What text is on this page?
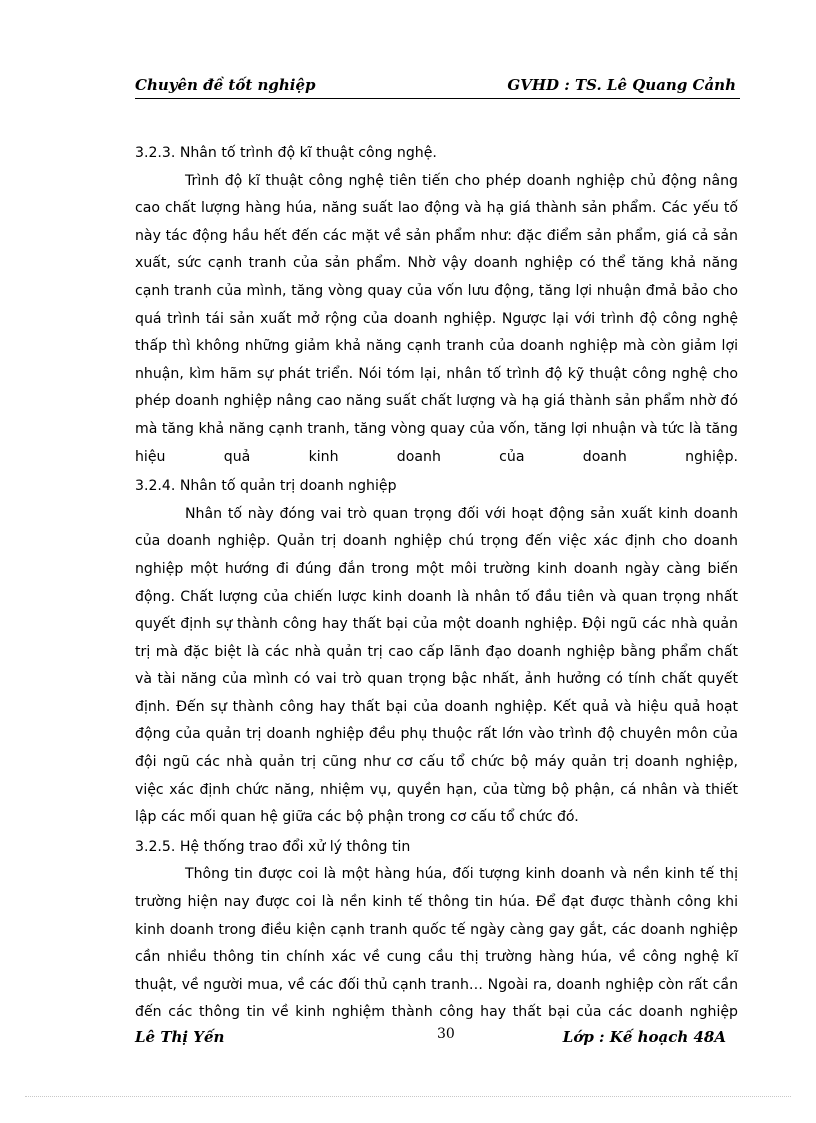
Chuyên đề tốt nghiệp	GVHD : TS. Lê Quang Cảnh
3.2.3. Nhân tố trình độ kĩ thuật công nghệ.

Trình độ kĩ thuật công nghệ tiên tiến cho phép doanh nghiệp chủ động nâng cao chất lượng hàng húa, năng suất lao động và hạ giá thành sản phẩm. Các yếu tố này tác động hầu hết đến các mặt về sản phẩm như: đặc điểm sản phẩm, giá cả sản xuất, sức cạnh tranh của sản phẩm. Nhờ vậy doanh nghiệp có thể tăng khả năng cạnh tranh của mình, tăng vòng quay của vốn lưu động, tăng lợi nhuận đmả bảo cho quá trình tái sản xuất mở rộng của doanh nghiệp. Ngược lại với trình độ công nghệ thấp thì không những giảm khả năng cạnh tranh của doanh nghiệp mà còn giảm lợi nhuận, kìm hãm sự phát triển. Nói tóm lại, nhân tố trình độ kỹ thuật công nghệ cho phép doanh nghiệp nâng cao năng suất chất lượng và hạ giá thành sản phẩm nhờ đó mà tăng khả năng cạnh tranh, tăng vòng quay của vốn, tăng lợi nhuận và tức là tăng hiệu quả kinh doanh của doanh nghiệp.

3.2.4. Nhân tố quản trị doanh nghiệp

Nhân tố này đóng vai trò quan trọng đối với hoạt động sản xuất kinh doanh của doanh nghiệp. Quản trị doanh nghiệp chú trọng đến việc xác định cho doanh nghiệp một hướng đi đúng đắn trong một môi trường kinh doanh ngày càng biến động. Chất lượng của chiến lược kinh doanh là nhân tố đầu tiên và quan trọng nhất quyết định sự thành công hay thất bại của một doanh nghiệp. Đội ngũ các nhà quản trị mà đặc biệt là các nhà quản trị cao cấp lãnh đạo doanh nghiệp bằng phẩm chất và tài năng của mình có vai trò quan trọng bậc nhất, ảnh hưởng có tính chất quyết định. Đến sự thành công hay thất bại của doanh nghiệp. Kết quả và hiệu quả hoạt động của quản trị doanh nghiệp đều phụ thuộc rất lớn vào trình độ chuyên môn của đội ngũ các nhà quản trị cũng như cơ cấu tổ chức bộ máy quản trị doanh nghiệp, việc xác định chức năng, nhiệm vụ, quyền hạn, của từng bộ phận, cá nhân và thiết lập các mối quan hệ giữa các bộ phận trong cơ cấu tổ chức đó.

3.2.5. Hệ thống trao đổi xử lý thông tin

Thông tin được coi là một hàng húa, đối tượng kinh doanh và nền kinh tế thị trường hiện nay được coi là nền kinh tế thông tin húa. Để đạt được thành công khi kinh doanh trong điều kiện cạnh tranh quốc tế ngày càng gay gắt, các doanh nghiệp cần nhiều thông tin chính xác về cung cầu thị trường hàng húa, về công nghệ kĩ thuật, về người mua, về các đối thủ cạnh tranh… Ngoài ra, doanh nghiệp còn rất cần đến các thông tin về kinh nghiệm thành công hay thất bại của các doanh nghiệp

Lê Thị Yến	30	Lớp : Kế hoạch 48A
